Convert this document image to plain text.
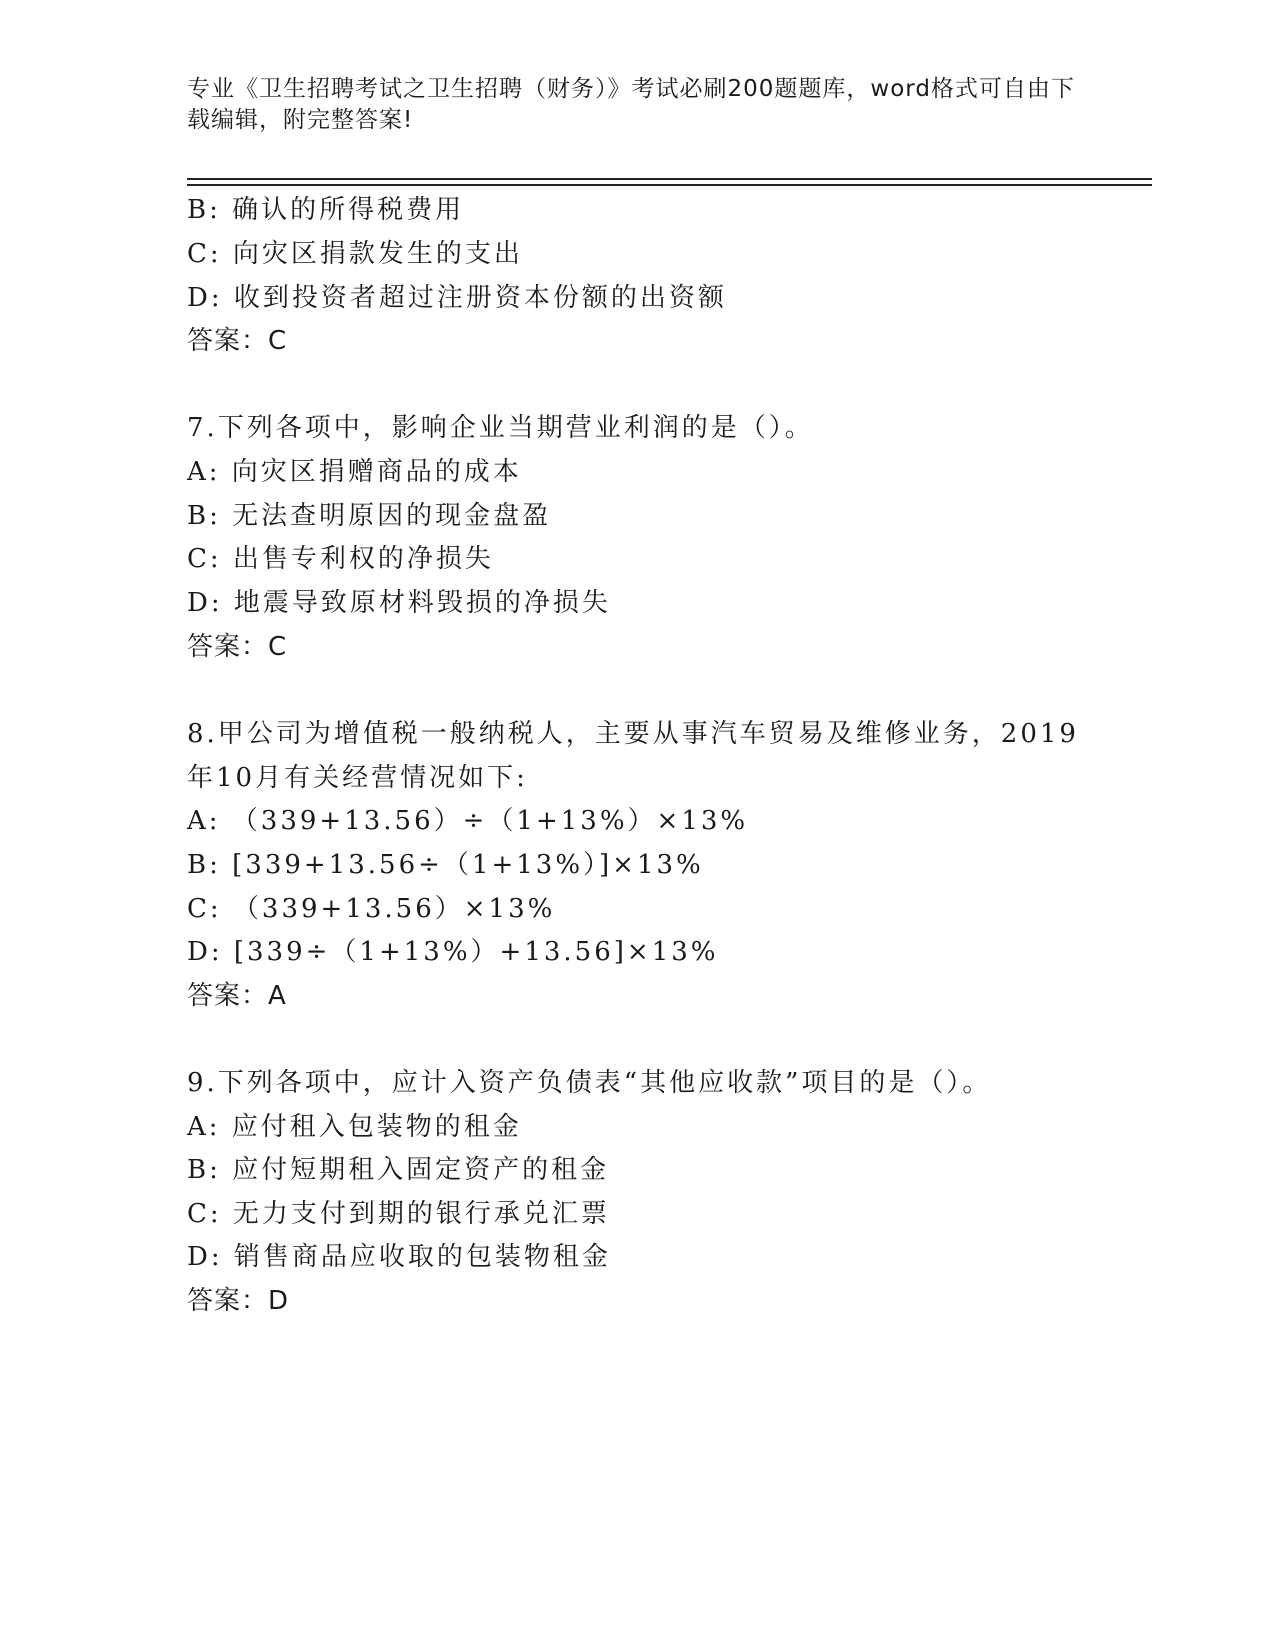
专业《卫生招聘考试之卫生招聘（财务）》考试必刷200题题库，word格式可自由下载编辑，附完整答案!
B: 确认的所得税费用
C: 向灾区捐款发生的支出
D: 收到投资者超过注册资本份额的出资额
答案：C
7.下列各项中，影响企业当期营业利润的是（）。
A: 向灾区捐赠商品的成本
B: 无法查明原因的现金盘盈
C: 出售专利权的净损失
D: 地震导致原材料毁损的净损失
答案：C
8.甲公司为增值税一般纳税人，主要从事汽车贸易及维修业务，2019
年10月有关经营情况如下:
A: （339+13.56）÷（1+13%）×13%
B: [339+13.56÷（1+13%）]×13%
C: （339+13.56）×13%
D: [339÷（1+13%）+13.56]×13%
答案：A
9.下列各项中，应计入资产负债表“其他应收款”项目的是（）。
A: 应付租入包装物的租金
B: 应付短期租入固定资产的租金
C: 无力支付到期的银行承兑汇票
D: 销售商品应收取的包装物租金
答案：D
